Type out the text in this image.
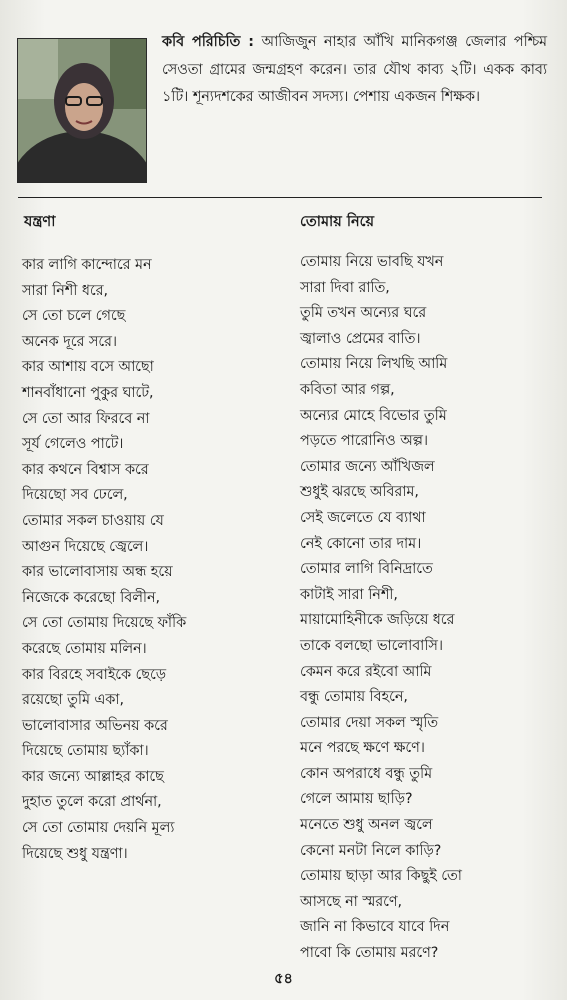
কবি পরিচিতি : আজিজুন নাহার আঁখি মানিকগঞ্জ জেলার পশ্চিম সেওতা গ্রামের জন্মগ্রহণ করেন। তার যৌথ কাব্য ২টি। একক কাব্য ১টি। শূন্যদশকের আজীবন সদস্য। পেশায় একজন শিক্ষক।
যন্ত্রণা	তোমায় নিয়ে
কার লাগি কান্দোরে মন
সারা নিশী ধরে,
সে তো চলে গেছে
অনেক দূরে সরে।
কার আশায় বসে আছো
শানবাঁধানো পুকুর ঘাটে,
সে তো আর ফিরবে না
সূর্য গেলেও পাটে।
কার কথনে বিশ্বাস করে
দিয়েছো সব ঢেলে,
তোমার সকল চাওয়ায় যে
আগুন দিয়েছে জ্বেলে।
কার ভালোবাসায় অন্ধ হয়ে
নিজেকে করেছো বিলীন,
সে তো তোমায় দিয়েছে ফাঁকি
করেছে তোমায় মলিন।
কার বিরহে সবাইকে ছেড়ে
রয়েছো তুমি একা,
ভালোবাসার অভিনয় করে
দিয়েছে তোমায় ছ্যাঁকা।
কার জন্যে আল্লাহর কাছে
দুহাত তুলে করো প্রার্থনা,
সে তো তোমায় দেয়নি মূল্য
দিয়েছে শুধু যন্ত্রণা।
তোমায় নিয়ে ভাবছি যখন
সারা দিবা রাতি,
তুমি তখন অন্যের ঘরে
জ্বালাও প্রেমের বাতি।
তোমায় নিয়ে লিখছি আমি
কবিতা আর গল্প,
অন্যের মোহে বিভোর তুমি
পড়তে পারোনিও অল্প।
তোমার জন্যে আঁখিজল
শুধুই ঝরছে অবিরাম,
সেই জলেতে যে ব্যাথা
নেই কোনো তার দাম।
তোমার লাগি বিনিদ্রাতে
কাটাই সারা নিশী,
মায়ামোহিনীকে জড়িয়ে ধরে
তাকে বলছো ভালোবাসি।
কেমন করে রইবো আমি
বন্ধু তোমায় বিহনে,
তোমার দেয়া সকল স্মৃতি
মনে পরছে ক্ষণে ক্ষণে।
কোন অপরাধে বন্ধু তুমি
গেলে আমায় ছাড়ি?
মনেতে শুধু অনল জ্বলে
কেনো মনটা নিলে কাড়ি?
তোমায় ছাড়া আর কিছুই তো
আসছে না স্মরণে,
জানি না কিভাবে যাবে দিন
পাবো কি তোমায় মরণে?
৫৪
